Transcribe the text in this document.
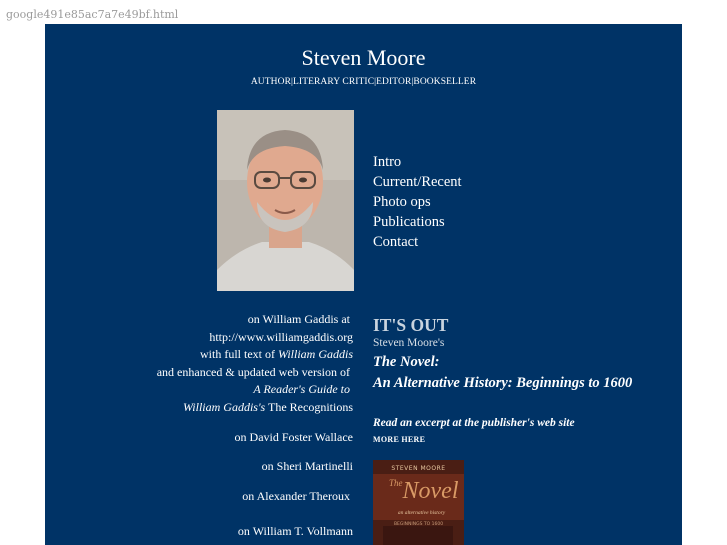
google491e85ac7a7e49bf.html
Steven Moore
AUTHOR|LITERARY CRITIC|EDITOR|BOOKSELLER
Intro
Current/Recent
Photo ops
Publications
Contact
on William Gaddis at
http://www.williamgaddis.org
with full text of William Gaddis
and enhanced & updated web version of
A Reader's Guide to
William Gaddis's The Recognitions
on David Foster Wallace
on Sheri Martinelli
on Alexander Theroux
on William T. Vollmann
IT'S OUT
Steven Moore's
The Novel:
An Alternative History: Beginnings to 1600
Read an excerpt at the publisher's web site
MORE HERE
STEVEN MOORE
$^{The}$Novel
an alternative history
BEGINNINGS TO 1600
